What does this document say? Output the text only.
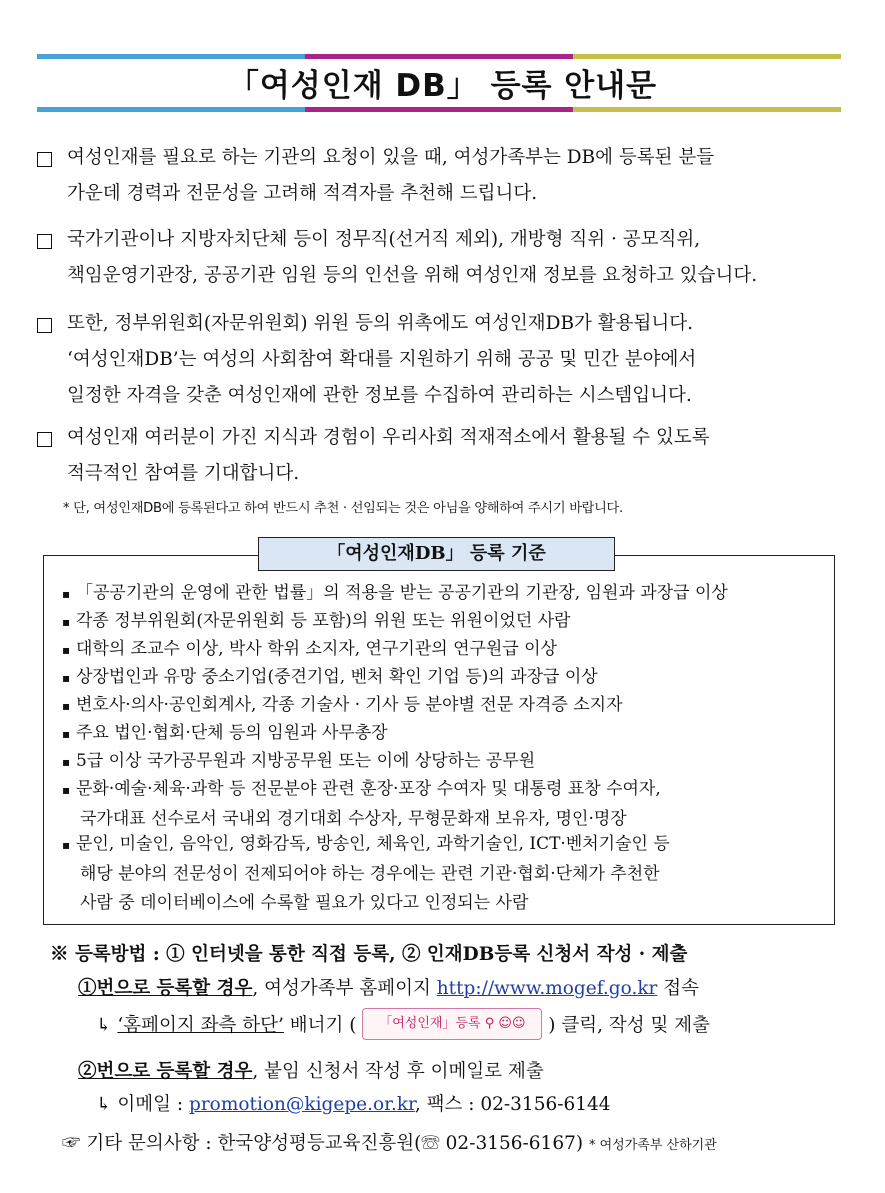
「여성인재 DB」 등록 안내문
여성인재를 필요로 하는 기관의 요청이 있을 때, 여성가족부는 DB에 등록된 분들
가운데 경력과 전문성을 고려해 적격자를 추천해 드립니다.
국가기관이나 지방자치단체 등이 정무직(선거직 제외), 개방형 직위 · 공모직위,
책임운영기관장, 공공기관 임원 등의 인선을 위해 여성인재 정보를 요청하고 있습니다.
또한, 정부위원회(자문위원회) 위원 등의 위촉에도 여성인재DB가 활용됩니다.
‘여성인재DB’는 여성의 사회참여 확대를 지원하기 위해 공공 및 민간 분야에서
일정한 자격을 갖춘 여성인재에 관한 정보를 수집하여 관리하는 시스템입니다.
여성인재 여러분이 가진 지식과 경험이 우리사회 적재적소에서 활용될 수 있도록
적극적인 참여를 기대합니다.
* 단, 여성인재DB에 등록된다고 하여 반드시 추천 · 선임되는 것은 아님을 양해하여 주시기 바랍니다.
「여성인재DB」 등록 기준
▪ 「공공기관의 운영에 관한 법률」의 적용을 받는 공공기관의 기관장, 임원과 과장급 이상
▪ 각종 정부위원회(자문위원회 등 포함)의 위원 또는 위원이었던 사람
▪ 대학의 조교수 이상, 박사 학위 소지자, 연구기관의 연구원급 이상
▪ 상장법인과 유망 중소기업(중견기업, 벤처 확인 기업 등)의 과장급 이상
▪ 변호사·의사·공인회계사, 각종 기술사 · 기사 등 분야별 전문 자격증 소지자
▪ 주요 법인·협회·단체 등의 임원과 사무총장
▪ 5급 이상 국가공무원과 지방공무원 또는 이에 상당하는 공무원
▪ 문화·예술·체육·과학 등 전문분야 관련 훈장·포장 수여자 및 대통령 표창 수여자,
국가대표 선수로서 국내외 경기대회 수상자, 무형문화재 보유자, 명인·명장
▪ 문인, 미술인, 음악인, 영화감독, 방송인, 체육인, 과학기술인, ICT·벤처기술인 등
해당 분야의 전문성이 전제되어야 하는 경우에는 관련 기관·협회·단체가 추천한
사람 중 데이터베이스에 수록할 필요가 있다고 인정되는 사람
※ 등록방법 : ① 인터넷을 통한 직접 등록, ② 인재DB등록 신청서 작성 · 제출
①번으로 등록할 경우, 여성가족부 홈페이지 http://www.mogef.go.kr 접속
↳ ‘홈페이지 좌측 하단’ 배너기 ( 「여성인재」등록 ⚲ ☺☺ ) 클릭, 작성 및 제출
②번으로 등록할 경우, 붙임 신청서 작성 후 이메일로 제출
↳ 이메일 : promotion@kigepe.or.kr, 팩스 : 02-3156-6144
☞ 기타 문의사항 : 한국양성평등교육진흥원(☏ 02-3156-6167) * 여성가족부 산하기관
